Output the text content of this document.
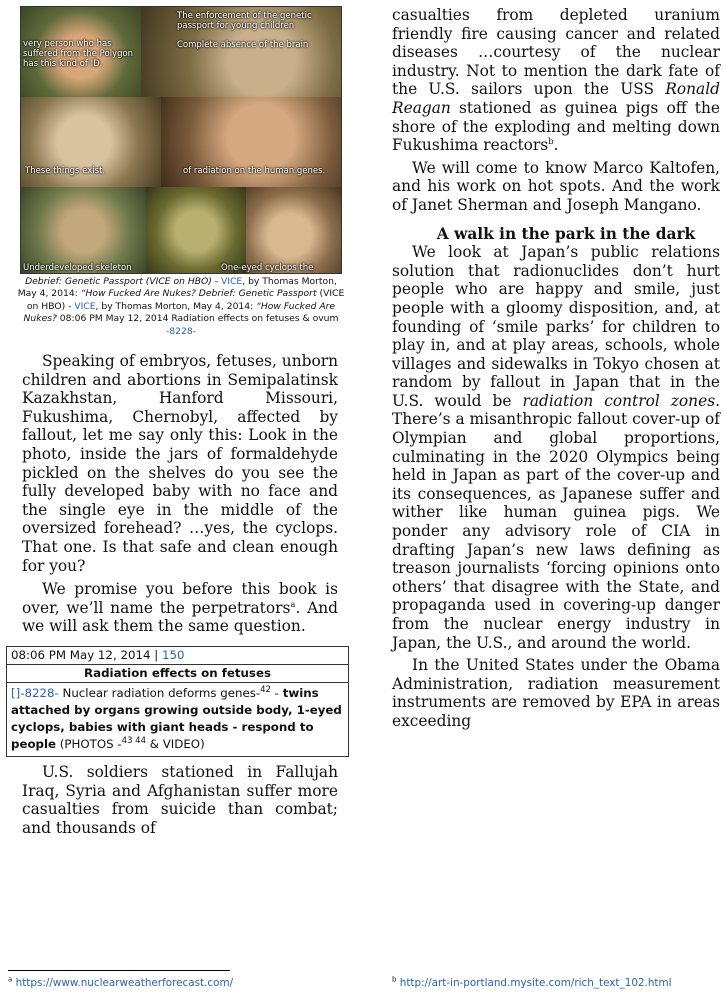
The enforcement of the genetic passport for young children
very person who has suffered from the Polygon has this kind of ID.
Complete absence of the brain
These things exist.	of radiation on the human genes.
Underdeveloped skeleton	One-eyed cyclops the
Debrief: Genetic Passport (VICE on HBO) - VICE, by Thomas Morton, May 4, 2014: “How Fucked Are Nukes? Debrief: Genetic Passport (VICE on HBO) - VICE, by Thomas Morton, May 4, 2014: “How Fucked Are Nukes? 08:06 PM May 12, 2014 Radiation effects on fetuses & ovum -8228-

Speaking of embryos, fetuses, unborn children and abortions in Semipalatinsk Kazakhstan, Hanford Missouri, Fukushima, Chernobyl, affected by fallout, let me say only this: Look in the photo, inside the jars of formaldehyde pickled on the shelves do you see the fully developed baby with no face and the single eye in the middle of the oversized forehead? …yes, the cyclops. That one. Is that safe and clean enough for you?

We promise you before this book is over, we’ll name the perpetrators$^a$. And we will ask them the same question.

08:06 PM May 12, 2014 | 150
Radiation effects on fetuses
[]-8228- Nuclear radiation deforms genes-$^{42}$ - twins attached by organs growing outside body, 1-eyed cyclops, babies with giant heads - respond to people (PHOTOS -$^{43 44}$ & VIDEO)

U.S. soldiers stationed in Fallujah Iraq, Syria and Afghanistan suffer more casualties from suicide than combat; and thousands of

casualties from depleted uranium friendly fire causing cancer and related diseases …courtesy of the nuclear industry. Not to mention the dark fate of the U.S. sailors upon the USS Ronald Reagan stationed as guinea pigs off the shore of the exploding and melting down Fukushima reactors$^b$.

We will come to know Marco Kaltofen, and his work on hot spots. And the work of Janet Sherman and Joseph Mangano.

A walk in the park in the dark

We look at Japan’s public relations solution that radionuclides don’t hurt people who are happy and smile, just people with a gloomy disposition, and, at founding of ‘smile parks’ for children to play in, and at play areas, schools, whole villages and sidewalks in Tokyo chosen at random by fallout in Japan that in the U.S. would be radiation control zones. There’s a misanthropic fallout cover-up of Olympian and global proportions, culminating in the 2020 Olympics being held in Japan as part of the cover-up and its consequences, as Japanese suffer and wither like human guinea pigs. We ponder any advisory role of CIA in drafting Japan’s new laws defining as treason journalists ‘forcing opinions onto others’ that disagree with the State, and propaganda used in covering-up danger from the nuclear energy industry in Japan, the U.S., and around the world.

In the United States under the Obama Administration, radiation measurement instruments are removed by EPA in areas exceeding

$^a$ https://www.nuclearweatherforecast.com/	$^b$ http://art-in-portland.mysite.com/rich_text_102.html
